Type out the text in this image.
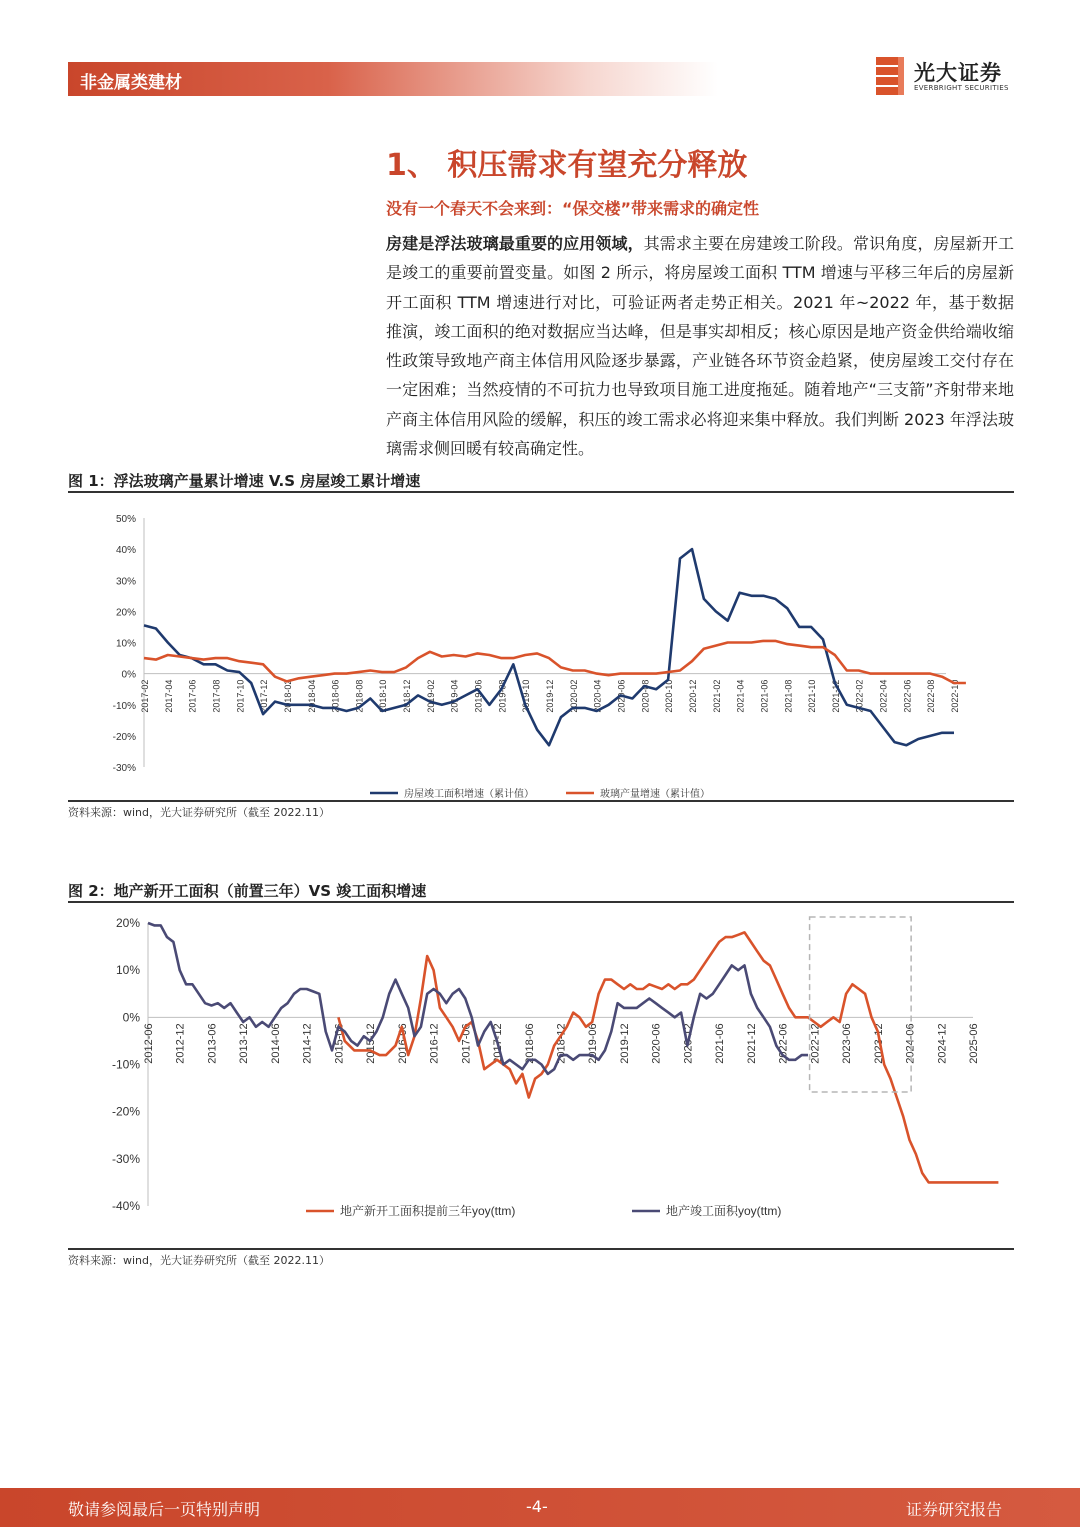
非金属类建材	光大证券
EVERBRIGHT SECURITIES
1、 积压需求有望充分释放
没有一个春天不会来到：“保交楼”带来需求的确定性
房建是浮法玻璃最重要的应用领域，其需求主要在房建竣工阶段。常识角度，房屋新开工是竣工的重要前置变量。如图 2 所示，将房屋竣工面积 TTM 增速与平移三年后的房屋新开工面积 TTM 增速进行对比，可验证两者走势正相关。2021 年~2022 年，基于数据推演，竣工面积的绝对数据应当达峰，但是事实却相反；核心原因是地产资金供给端收缩性政策导致地产商主体信用风险逐步暴露，产业链各环节资金趋紧，使房屋竣工交付存在一定困难；当然疫情的不可抗力也导致项目施工进度拖延。随着地产“三支箭”齐射带来地产商主体信用风险的缓解，积压的竣工需求必将迎来集中释放。我们判断 2023 年浮法玻璃需求侧回暖有较高确定性。
图 1：浮法玻璃产量累计增速 V.S 房屋竣工累计增速
50%
40%
30%
20%
10%
0%
-10%
-20%
-30%
2017-02 2017-04 2017-06 2017-08 2017-10 2017-12 2018-02 2018-04 2018-06 2018-08 2018-10 2018-12 2019-02 2019-04 2019-06 2019-08 2019-10 2019-12 2020-02 2020-04 2020-06 2020-08 2020-10 2020-12 2021-02 2021-04 2021-06 2021-08 2021-10 2021-12 2022-02 2022-04 2022-06 2022-08 2022-10
房屋竣工面积增速（累计值）	玻璃产量增速（累计值）
资料来源：wind，光大证券研究所（截至 2022.11）
图 2：地产新开工面积（前置三年）VS 竣工面积增速
20%
10%
0%
-10%
-20%
-30%
-40%
2012-06 2012-12 2013-06 2013-12 2014-06 2014-12 2015-06 2015-12 2016-06 2016-12 2017-06 2017-12 2018-06 2018-12 2019-06 2019-12 2020-06 2020-12 2021-06 2021-12 2022-06 2022-12 2023-06 2023-12 2024-06 2024-12 2025-06
地产新开工面积提前三年yoy(ttm)	地产竣工面积yoy(ttm)
资料来源：wind，光大证券研究所（截至 2022.11）
敬请参阅最后一页特别声明	-4-	证券研究报告
